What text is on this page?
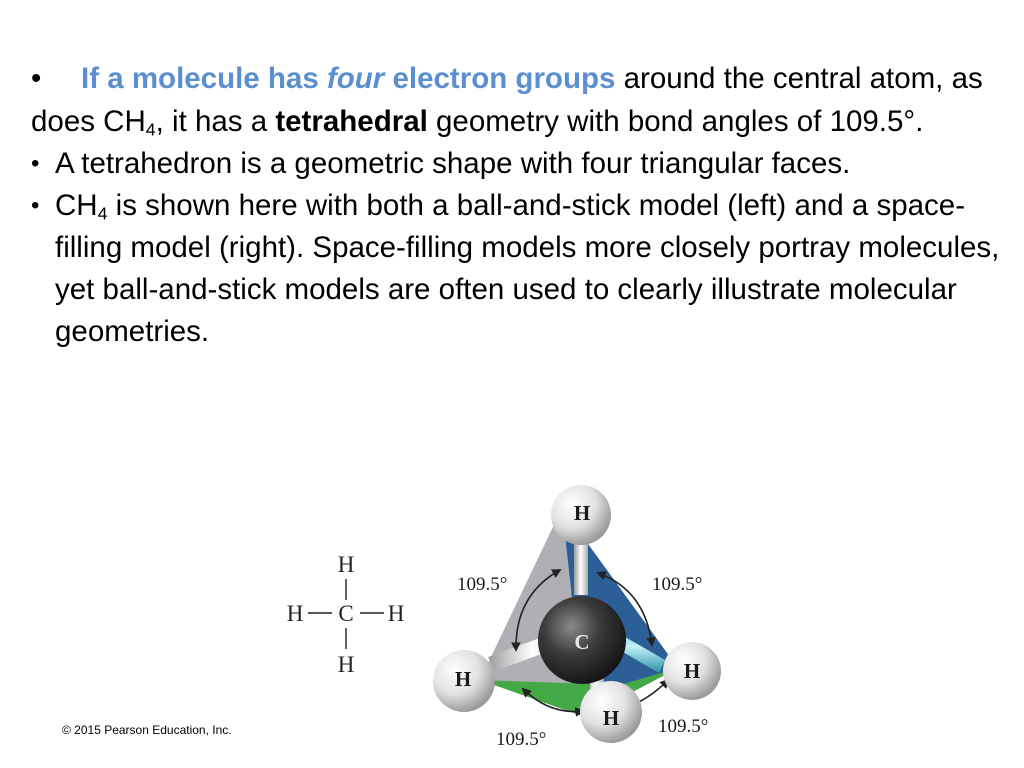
• If a molecule has four electron groups around the central atom, as does $CH_4$, it has a tetrahedral geometry with bond angles of 109.5°.

• A tetrahedron is a geometric shape with four triangular faces.
• $CH_4$ is shown here with both a ball-and-stick model (left) and a space-filling model (right). Space-filling models more closely portray molecules, yet ball-and-stick models are often used to clearly illustrate molecular geometries.
H
H C H
H
H
H	H
H
C
109.5°	109.5°
109.5°
109.5°
© 2015 Pearson Education, Inc.
